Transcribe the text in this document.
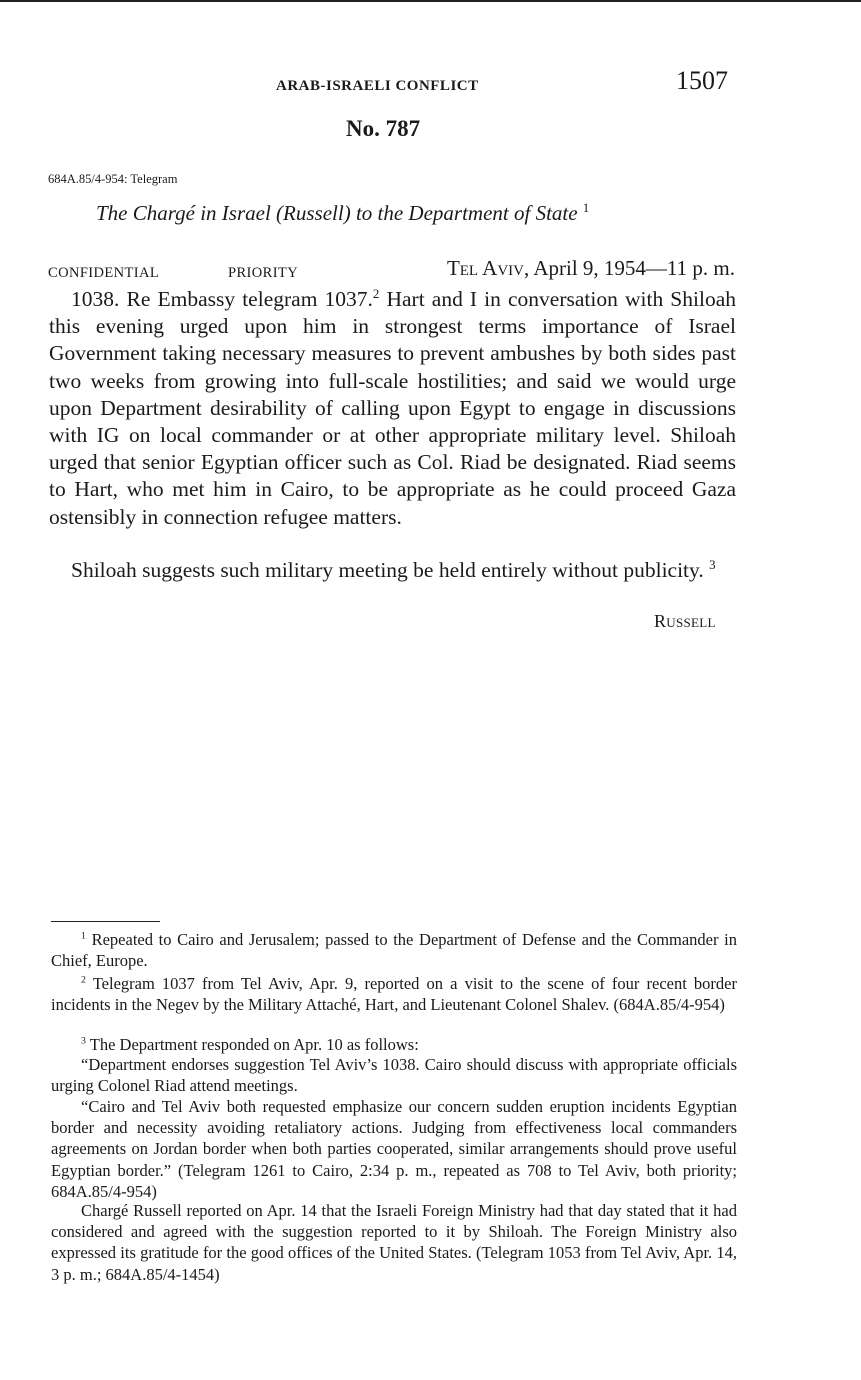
ARAB-ISRAELI CONFLICT	1507
No. 787
684A.85/4-954: Telegram
The Chargé in Israel (Russell) to the Department of State $^1$
CONFIDENTIAL	PRIORITY	Tel Aviv, April 9, 1954—11 p. m.

1038. Re Embassy telegram 1037.$^2$ Hart and I in conversation with Shiloah this evening urged upon him in strongest terms importance of Israel Government taking necessary measures to prevent ambushes by both sides past two weeks from growing into full-scale hostilities; and said we would urge upon Department desirability of calling upon Egypt to engage in discussions with IG on local commander or at other appropriate military level. Shiloah urged that senior Egyptian officer such as Col. Riad be designated. Riad seems to Hart, who met him in Cairo, to be appropriate as he could proceed Gaza ostensibly in connection refugee matters.

Shiloah suggests such military meeting be held entirely without publicity. $^3$

Russell

$^1$ Repeated to Cairo and Jerusalem; passed to the Department of Defense and the Commander in Chief, Europe.

$^2$ Telegram 1037 from Tel Aviv, Apr. 9, reported on a visit to the scene of four recent border incidents in the Negev by the Military Attaché, Hart, and Lieutenant Colonel Shalev. (684A.85/4-954)

$^3$ The Department responded on Apr. 10 as follows:

“Department endorses suggestion Tel Aviv’s 1038. Cairo should discuss with appropriate officials urging Colonel Riad attend meetings.

“Cairo and Tel Aviv both requested emphasize our concern sudden eruption incidents Egyptian border and necessity avoiding retaliatory actions. Judging from effectiveness local commanders agreements on Jordan border when both parties cooperated, similar arrangements should prove useful Egyptian border.” (Telegram 1261 to Cairo, 2:34 p. m., repeated as 708 to Tel Aviv, both priority; 684A.85/4-954)

Chargé Russell reported on Apr. 14 that the Israeli Foreign Ministry had that day stated that it had considered and agreed with the suggestion reported to it by Shiloah. The Foreign Ministry also expressed its gratitude for the good offices of the United States. (Telegram 1053 from Tel Aviv, Apr. 14, 3 p. m.; 684A.85/4-1454)
